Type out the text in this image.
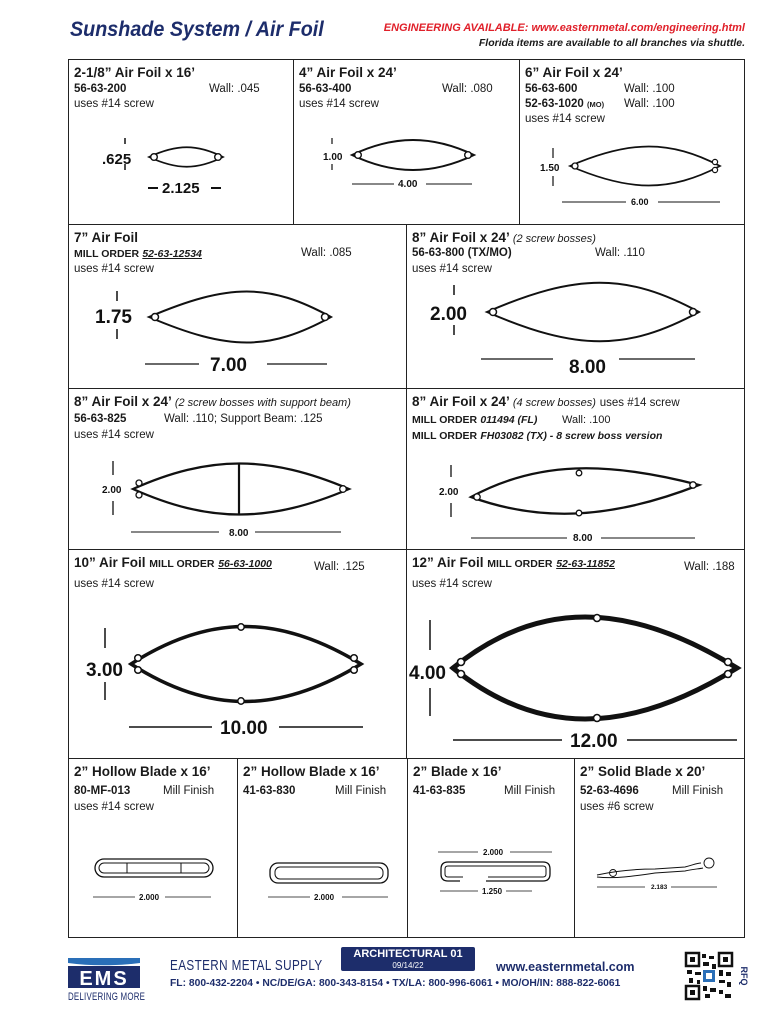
Sunshade System / Air Foil	ENGINEERING AVAILABLE: www.easternmetal.com/engineering.html
Florida items are available to all branches via shuttle.
2-1/8” Air Foil x 16’
56-63-200	Wall: .045
uses #14 screw
.625
2.125
4” Air Foil x 24’
56-63-400	Wall: .080
uses #14 screw
1.00
4.00
6” Air Foil x 24’
56-63-600	Wall: .100
52-63-1020 (MO) Wall: .100
uses #14 screw
1.50
6.00
7” Air Foil
MILL ORDER 52-63-12534	Wall: .085
uses #14 screw
1.75
7.00
8” Air Foil x 24’ (2 screw bosses)
56-63-800 (TX/MO)	Wall: .110
uses #14 screw
2.00
8.00
8” Air Foil x 24’ (2 screw bosses with support beam)
56-63-825	Wall: .110; Support Beam: .125
uses #14 screw
2.00
8.00
8” Air Foil x 24’ (4 screw bosses) uses #14 screw
MILL ORDER 011494 (FL) Wall: .100
MILL ORDER FH03082 (TX) - 8 screw boss version
2.00
8.00
10” Air Foil MILL ORDER 56-63-1000	Wall: .125
uses #14 screw
3.00
10.00
12” Air Foil MILL ORDER 52-63-11852	Wall: .188
uses #14 screw
4.00
12.00
2” Hollow Blade x 16’
80-MF-013	Mill Finish
uses #14 screw
2.000
2” Hollow Blade x 16’
41-63-830	Mill Finish
2.000
2” Blade x 16’
41-63-835	Mill Finish
2.000
1.250
2” Solid Blade x 20’
52-63-4696	Mill Finish
uses #6 screw
2.183
EMS
DELIVERING MORE
EASTERN METAL SUPPLY
ARCHITECTURAL 01
09/14/22	www.easternmetal.com
FL: 800-432-2204 • NC/DE/GA: 800-343-8154 • TX/LA: 800-996-6061 • MO/OH/IN: 888-822-6061	RFQ
